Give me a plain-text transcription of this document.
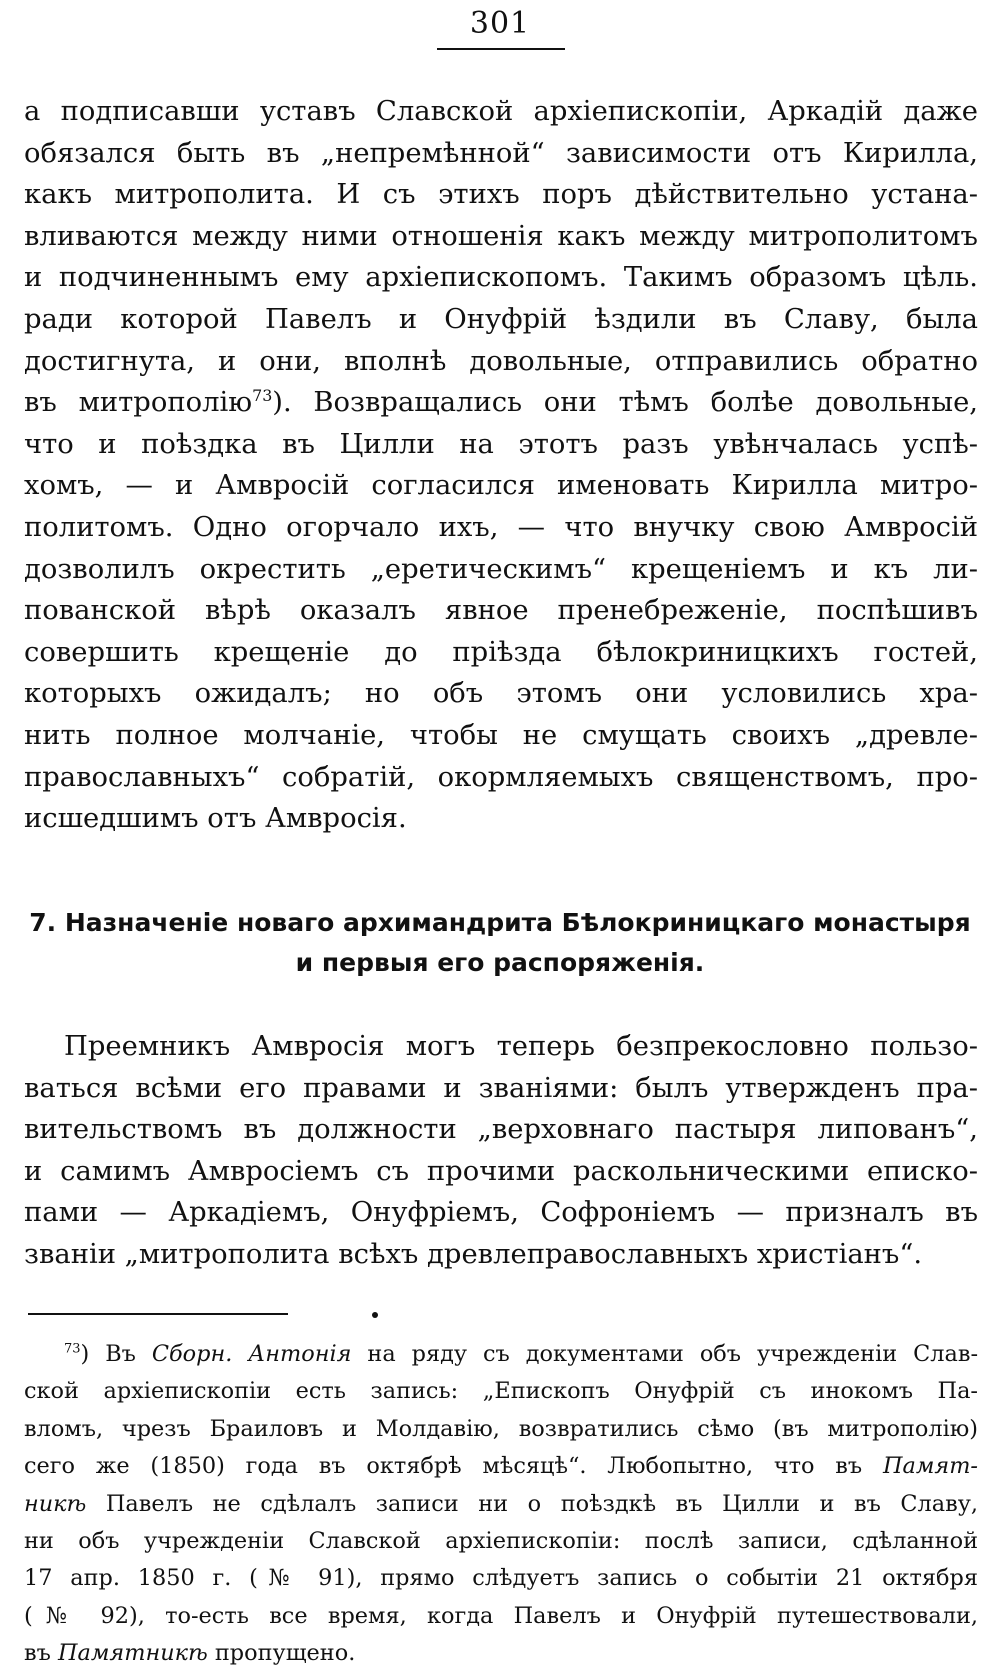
301
а подписавши уставъ Славской архіепископіи, Аркадій даже
обязался быть въ „непремѣнной“ зависимости отъ Кирилла,
какъ митрополита. И съ этихъ поръ дѣйствительно устана-
вливаются между ними отношенія какъ между митрополитомъ
и подчиненнымъ ему архіепископомъ. Такимъ образомъ цѣль.
ради которой Павелъ и Онуфрій ѣздили въ Славу, была
достигнута, и они, вполнѣ довольные, отправились обратно
въ митрополію$^{73}$). Возвращались они тѣмъ болѣе довольные,
что и поѣздка въ Цилли на этотъ разъ увѣнчалась успѣ-
хомъ, — и Амвросій согласился именовать Кирилла митро-
политомъ. Одно огорчало ихъ, — что внучку свою Амвросій
дозволилъ окрестить „еретическимъ“ крещеніемъ и къ ли-
пованской вѣрѣ оказалъ явное пренебреженіе, поспѣшивъ
совершить крещеніе до пріѣзда бѣлокриницкихъ гостей,
которыхъ ожидалъ; но объ этомъ они условились хра-
нить полное молчаніе, чтобы не смущать своихъ „древле-
православныхъ“ собратій, окормляемыхъ священствомъ, про-
исшедшимъ отъ Амвросія.
7. Назначеніе новаго архимандрита Бѣлокриницкаго монастыря
и первыя его распоряженія.
Преемникъ Амвросія могъ теперь безпрекословно пользо-
ваться всѣми его правами и званіями: былъ утвержденъ пра-
вительствомъ въ должности „верховнаго пастыря липованъ“,
и самимъ Амвросіемъ съ прочими раскольническими еписко-
пами — Аркадіемъ, Онуфріемъ, Софроніемъ — призналъ въ
званіи „митрополита всѣхъ древлеправославныхъ христіанъ“.
$^{73}$) Въ Сборн. Антонія на ряду съ документами объ учрежденіи Слав-
ской архіепископіи есть запись: „Епископъ Онуфрій съ инокомъ Па-
вломъ, чрезъ Браиловъ и Молдавію, возвратились сѣмо (въ митрополію)
сего же (1850) года въ октябрѣ мѣсяцѣ“. Любопытно, что въ Памят-
никѣ Павелъ не сдѣлалъ записи ни о поѣздкѣ въ Цилли и въ Славу,
ни объ учрежденіи Славской архіепископіи: послѣ записи, сдѣланной
17 апр. 1850 г. (№ 91), прямо слѣдуетъ запись о событіи 21 октября
(№ 92), то-есть все время, когда Павелъ и Онуфрій путешествовали,
въ Памятникѣ пропущено.
